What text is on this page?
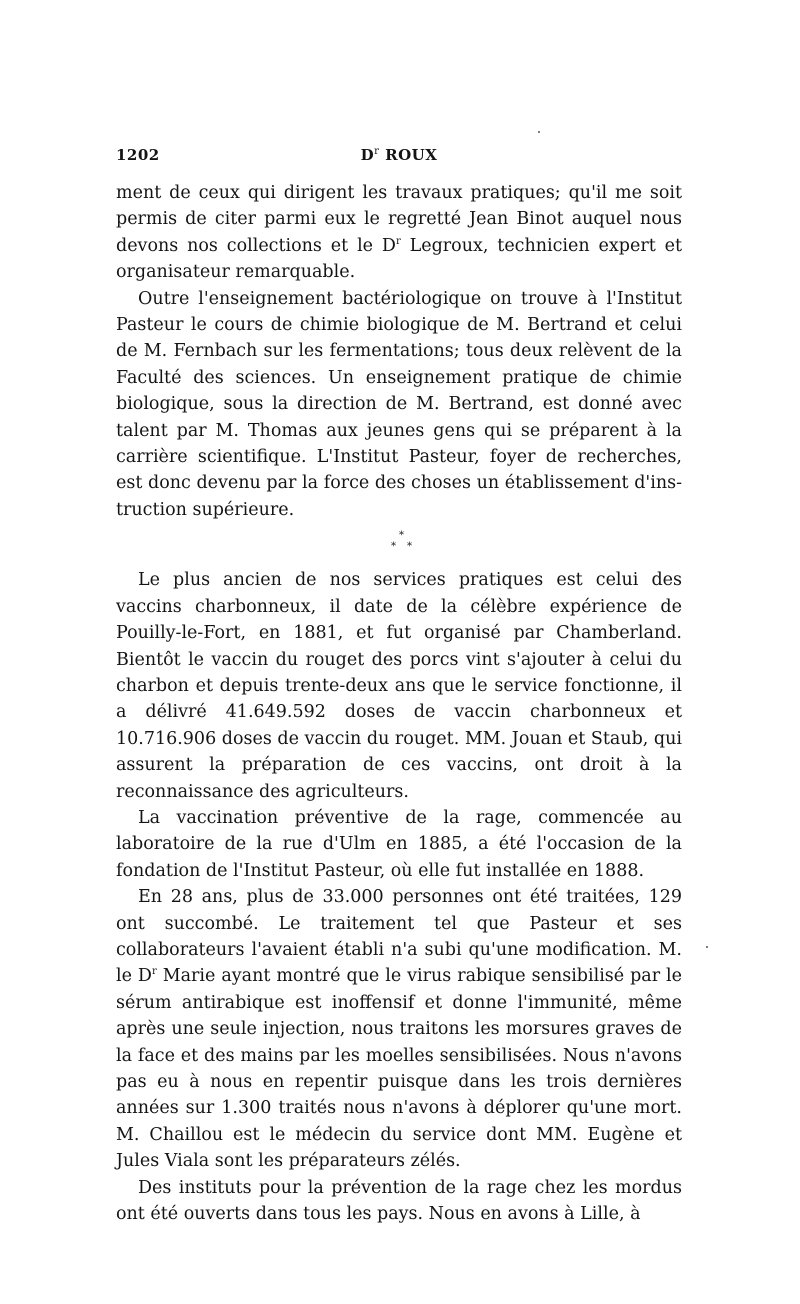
1202	$D^r$ ROUX

ment de ceux qui dirigent les travaux pratiques; qu'il me soit permis de citer parmi eux le regretté Jean Binot auquel nous devons nos collections et le $D^r$ Legroux, technicien expert et organisateur remarquable.

Outre l'enseignement bactériologique on trouve à l'Institut Pasteur le cours de chimie biologique de M. Bertrand et celui de M. Fernbach sur les fermentations; tous deux relèvent de la Faculté des sciences. Un enseignement pratique de chimie biologique, sous la direction de M. Bertrand, est donné avec talent par M. Thomas aux jeunes gens qui se préparent à la carrière scientifique. L'Institut Pasteur, foyer de recherches, est donc devenu par la force des choses un établissement d'ins-truction supérieure.

*
* *

Le plus ancien de nos services pratiques est celui des vaccins charbonneux, il date de la célèbre expérience de Pouilly-le-Fort, en 1881, et fut organisé par Chamberland. Bientôt le vaccin du rouget des porcs vint s'ajouter à celui du charbon et depuis trente-deux ans que le service fonctionne, il a délivré 41.649.592 doses de vaccin charbonneux et 10.716.906 doses de vaccin du rouget. MM. Jouan et Staub, qui assurent la préparation de ces vaccins, ont droit à la reconnaissance des agriculteurs.

La vaccination préventive de la rage, commencée au laboratoire de la rue d'Ulm en 1885, a été l'occasion de la fondation de l'Institut Pasteur, où elle fut installée en 1888.

En 28 ans, plus de 33.000 personnes ont été traitées, 129 ont succombé. Le traitement tel que Pasteur et ses collaborateurs l'avaient établi n'a subi qu'une modification. M. le $D^r$ Marie ayant montré que le virus rabique sensibilisé par le sérum antirabique est inoffensif et donne l'immunité, même après une seule injection, nous traitons les morsures graves de la face et des mains par les moelles sensibilisées. Nous n'avons pas eu à nous en repentir puisque dans les trois dernières années sur 1.300 traités nous n'avons à déplorer qu'une mort. M. Chaillou est le médecin du service dont MM. Eugène et Jules Viala sont les préparateurs zélés.

Des instituts pour la prévention de la rage chez les mordus ont été ouverts dans tous les pays. Nous en avons à Lille, à
